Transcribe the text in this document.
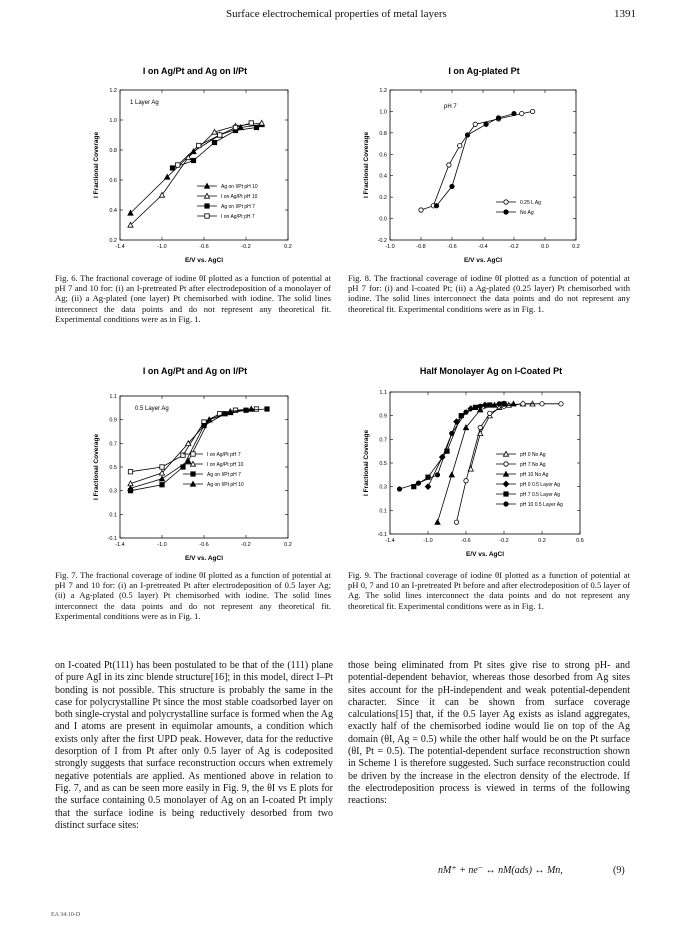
Surface electrochemical properties of metal layers	1391
I on Ag/Pt and Ag on I/Pt
-1.4	-1.0	-0.6	-0.2	0.2
0.2
0.4
0.6
0.8
1.0
1.2
E/V vs. AgCl
I Fractional Coverage
1 Layer Ag
Ag on I/Pt pH 10
I on Ag/Pt pH 10
Ag on I/Pt pH 7
I on Ag/Pt pH 7
Fig. 6. The fractional coverage of iodine θI plotted as a function of potential at pH 7 and 10 for: (i) an I-pretreated Pt after electrodeposition of a monolayer of Ag; (ii) a Ag-plated (one layer) Pt chemisorbed with iodine. The solid lines interconnect the data points and do not represent any theoretical fit. Experimental conditions were as in Fig. 1.
I on Ag-plated Pt
-1.0	-0.8	-0.6	-0.4	-0.2	0.0	0.2
-0.2
0.0
0.2
0.4
0.6
0.8
1.0
1.2
E/V vs. AgCl
I Fractional Coverage
pH 7
0.25 L Ag
No Ag
Fig. 8. The fractional coverage of iodine θI plotted as a function of potential at pH 7 for: (i) and I-coated Pt; (ii) a Ag-plated (0.25 layer) Pt chemisorbed with iodine. The solid lines interconnect the data points and do not represent any theoretical fit. Experimental conditions were as in Fig. 1.
I on Ag/Pt and Ag on I/Pt
-1.4	-1.0	-0.6	-0.2	0.2
-0.1
0.1
0.3
0.5
0.7
0.9
1.1
E/V vs. AgCl
I Fractional Coverage
0.5 Layer Ag
I on Ag/Pt pH 7
I on Ag/Pt pH 10
Ag on I/Pt pH 7
Ag on I/Pt pH 10
Fig. 7. The fractional coverage of iodine θI plotted as a function of potential at pH 7 and 10 for: (i) an I-pretreated Pt after electrodeposition of 0.5 layer Ag; (ii) a Ag-plated (0.5 layer) Pt chemisorbed with iodine. The solid lines interconnect the data points and do not represent any theoretical fit. Experimental conditions were as in Fig. 1.
Half Monolayer Ag on I-Coated Pt
-1.4	-1.0	-0.6	-0.2	0.2	0.6
-0.1
0.1
0.3
0.5
0.7
0.9
1.1
E/V vs. AgCl
I Fractional Coverage	pH 0 No Ag
pH 7 No Ag
pH 10 No Ag
pH 0 0.5 Layer Ag
pH 7 0.5 Layer Ag
pH 10 0.5 Layer Ag
Fig. 9. The fractional coverage of iodine θI plotted as a function of potential at pH 0, 7 and 10 an I-pretreated Pt before and after electrodeposition of 0.5 layer of Ag. The solid lines interconnect the data points and do not represent any theoretical fit. Experimental conditions were as in Fig. 1.
on I-coated Pt(111) has been postulated to be that of the (111) plane of pure AgI in its zinc blende structure[16]; in this model, direct I–Pt bonding is not possible. This structure is probably the same in the case for polycrystalline Pt since the most stable coadsorbed layer on both single-crystal and polycrystalline surface is formed when the Ag and I atoms are present in equimolar amounts, a condition which exists only after the first UPD peak. However, data for the reductive desorption of I from Pt after only 0.5 layer of Ag is codeposited strongly suggests that surface reconstruction occurs when extremely negative potentials are applied. As mentioned above in relation to Fig. 7, and as can be seen more easily in Fig. 9, the θI vs E plots for the surface containing 0.5 monolayer of Ag on an I-coated Pt imply that the surface iodine is being reductively desorbed from two distinct surface sites:
those being eliminated from Pt sites give rise to strong pH- and potential-dependent behavior, whereas those desorbed from Ag sites sites account for the pH-independent and weak potential-dependent character. Since it can be shown from surface coverage calculations[15] that, if the 0.5 layer Ag exists as island aggregates, exactly half of the chemisorbed iodine would lie on top of the Ag domain (θI, Ag = 0.5) while the other half would be on the Pt surface (θI, Pt = 0.5). The potential-dependent surface reconstruction shown in Scheme 1 is therefore suggested. Such surface reconstruction could be driven by the increase in the electron density of the electrode. If the electrodeposition process is viewed in terms of the following reactions:
nM⁺ + ne⁻ ↔ nM(ads) ↔ Mn,	(9)
EA 34:10-D
